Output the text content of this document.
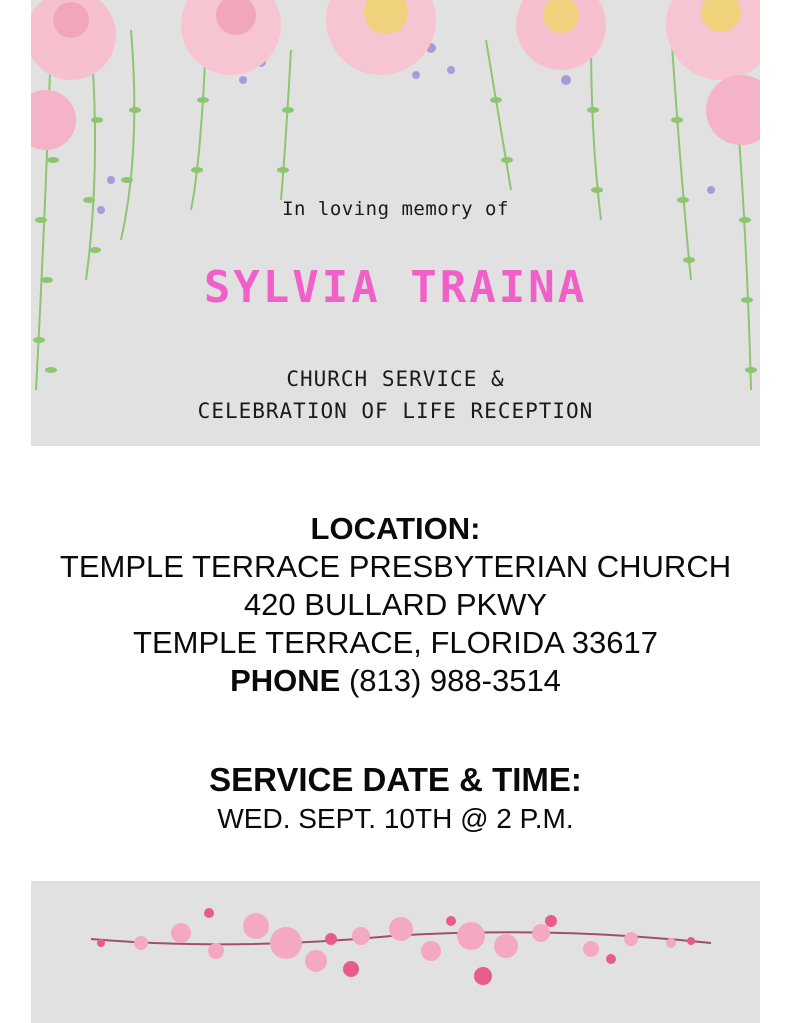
In loving memory of
SYLVIA TRAINA
CHURCH SERVICE &
CELEBRATION OF LIFE RECEPTION
LOCATION:
TEMPLE TERRACE PRESBYTERIAN CHURCH
420 BULLARD PKWY
TEMPLE TERRACE, FLORIDA 33617
PHONE (813) 988-3514
SERVICE DATE & TIME:
WED. SEPT. 10TH @ 2 P.M.
